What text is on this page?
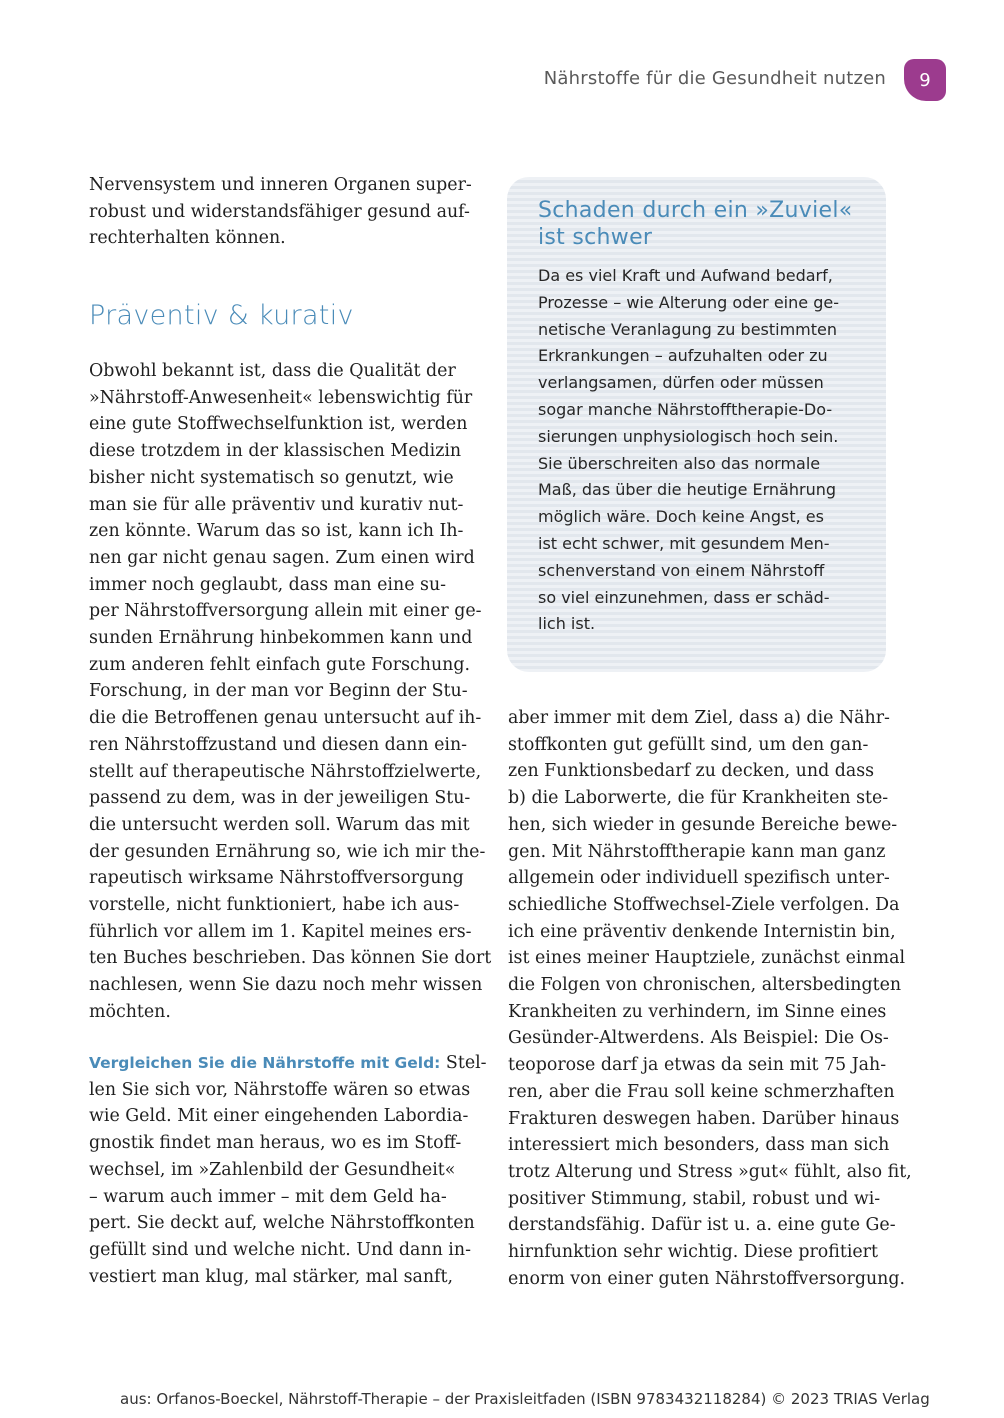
Nährstoffe für die Gesundheit nutzen 9

Nervensystem und inneren Organen super-

robust und widerstandsfähiger gesund auf-

rechterhalten können.

Präventiv & kurativ

Obwohl bekannt ist, dass die Qualität der

»Nährstoff-Anwesenheit« lebenswichtig für

eine gute Stoffwechselfunktion ist, werden

diese trotzdem in der klassischen Medizin

bisher nicht systematisch so genutzt, wie

man sie für alle präventiv und kurativ nut-

zen könnte. Warum das so ist, kann ich Ih-

nen gar nicht genau sagen. Zum einen wird

immer noch geglaubt, dass man eine su-

per Nährstoffversorgung allein mit einer ge-

sunden Ernährung hinbekommen kann und

zum anderen fehlt einfach gute Forschung.

Forschung, in der man vor Beginn der Stu-

die die Betroffenen genau untersucht auf ih-

ren Nährstoffzustand und diesen dann ein-

stellt auf therapeutische Nährstoffzielwerte,

passend zu dem, was in der jeweiligen Stu-

die untersucht werden soll. Warum das mit

der gesunden Ernährung so, wie ich mir the-

rapeutisch wirksame Nährstoffversorgung

vorstelle, nicht funktioniert, habe ich aus-

führlich vor allem im 1. Kapitel meines ers-

ten Buches beschrieben. Das können Sie dort

nachlesen, wenn Sie dazu noch mehr wissen

möchten.

Vergleichen Sie die Nährstoffe mit Geld: Stel-

len Sie sich vor, Nährstoffe wären so etwas

wie Geld. Mit einer eingehenden Labordia-

gnostik findet man heraus, wo es im Stoff-

wechsel, im »Zahlenbild der Gesundheit«

– warum auch immer – mit dem Geld ha-

pert. Sie deckt auf, welche Nährstoffkonten

gefüllt sind und welche nicht. Und dann in-

vestiert man klug, mal stärker, mal sanft,

Schaden durch ein »Zuviel«
ist schwer

Da es viel Kraft und Aufwand bedarf,

Prozesse – wie Alterung oder eine ge-

netische Veranlagung zu bestimmten

Erkrankungen – aufzuhalten oder zu

verlangsamen, dürfen oder müssen

sogar manche Nährstofftherapie-Do-

sierungen unphysiologisch hoch sein.

Sie überschreiten also das normale

Maß, das über die heutige Ernährung

möglich wäre. Doch keine Angst, es

ist echt schwer, mit gesundem Men-

schenverstand von einem Nährstoff

so viel einzunehmen, dass er schäd-

lich ist.

aber immer mit dem Ziel, dass a) die Nähr-

stoffkonten gut gefüllt sind, um den gan-

zen Funktionsbedarf zu decken, und dass

b) die Laborwerte, die für Krankheiten ste-

hen, sich wieder in gesunde Bereiche bewe-

gen. Mit Nährstofftherapie kann man ganz

allgemein oder individuell spezifisch unter-

schiedliche Stoffwechsel-Ziele verfolgen. Da

ich eine präventiv denkende Internistin bin,

ist eines meiner Hauptziele, zunächst einmal

die Folgen von chronischen, altersbedingten

Krankheiten zu verhindern, im Sinne eines

Gesünder-Altwerdens. Als Beispiel: Die Os-

teoporose darf ja etwas da sein mit 75 Jah-

ren, aber die Frau soll keine schmerzhaften

Frakturen deswegen haben. Darüber hinaus

interessiert mich besonders, dass man sich

trotz Alterung und Stress »gut« fühlt, also fit,

positiver Stimmung, stabil, robust und wi-

derstandsfähig. Dafür ist u. a. eine gute Ge-

hirnfunktion sehr wichtig. Diese profitiert

enorm von einer guten Nährstoffversorgung.

aus: Orfanos-Boeckel, Nährstoff-Therapie – der Praxisleitfaden (ISBN 9783432118284) © 2023 TRIAS Verlag
